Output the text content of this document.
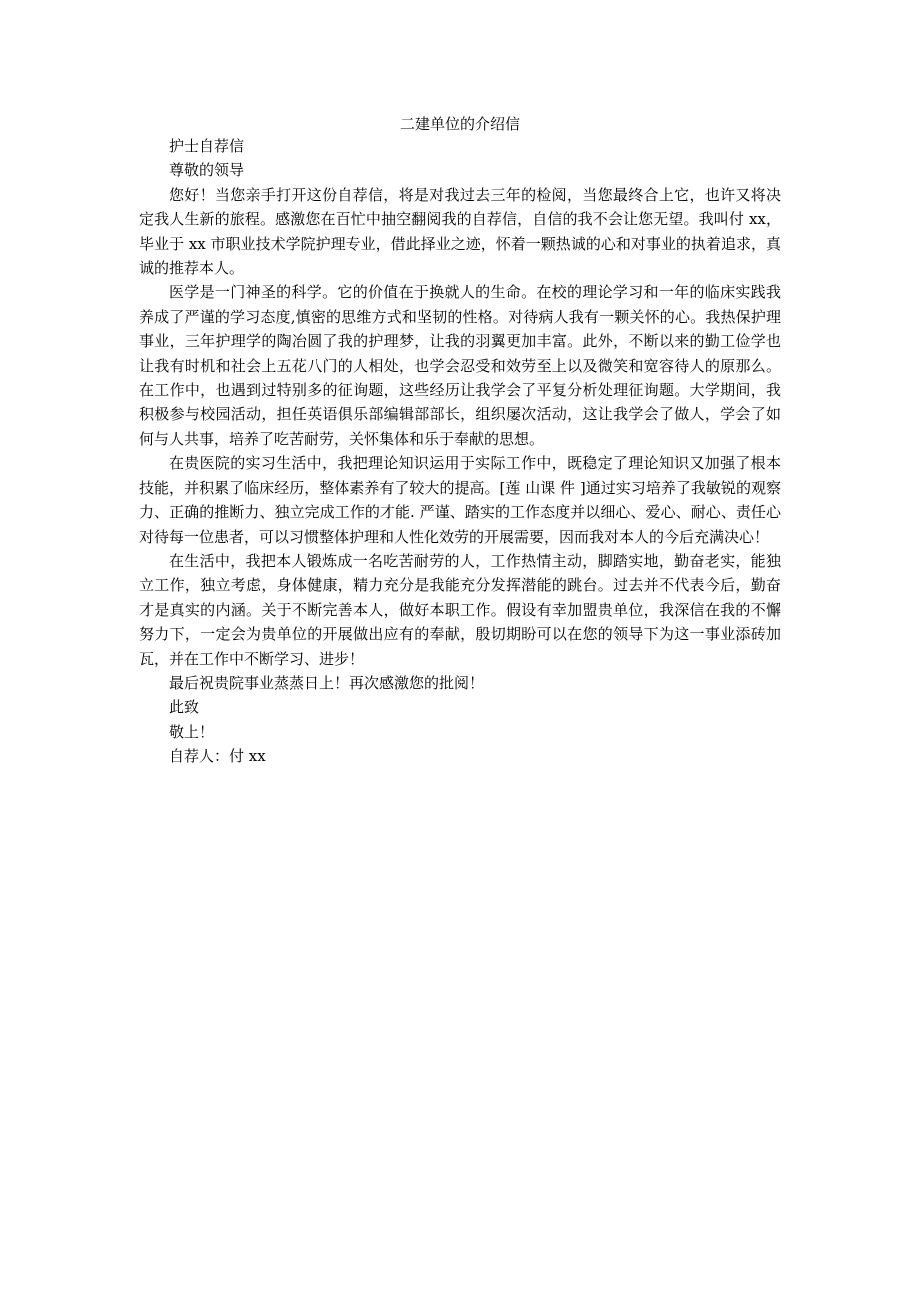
二建单位的介绍信

护士自荐信

尊敬的领导

您好！当您亲手打开这份自荐信，将是对我过去三年的检阅，当您最终合上它，也许又将决定我人生新的旅程。感激您在百忙中抽空翻阅我的自荐信，自信的我不会让您无望。我叫付 xx，毕业于 xx 市职业技术学院护理专业，借此择业之迹，怀着一颗热诚的心和对事业的执着追求，真诚的推荐本人。

医学是一门神圣的科学。它的价值在于换就人的生命。在校的理论学习和一年的临床实践我养成了严谨的学习态度,慎密的思维方式和坚韧的性格。对待病人我有一颗关怀的心。我热保护理事业，三年护理学的陶冶圆了我的护理梦，让我的羽翼更加丰富。此外，不断以来的勤工俭学也让我有时机和社会上五花八门的人相处，也学会忍受和效劳至上以及微笑和宽容待人的原那么。在工作中，也遇到过特别多的征询题，这些经历让我学会了平复分析处理征询题。大学期间，我积极参与校园活动，担任英语俱乐部编辑部部长，组织屡次活动，这让我学会了做人，学会了如何与人共事，培养了吃苦耐劳，关怀集体和乐于奉献的思想。

在贵医院的实习生活中，我把理论知识运用于实际工作中，既稳定了理论知识又加强了根本技能，并积累了临床经历，整体素养有了较大的提高。[莲 山课 件 ]通过实习培养了我敏锐的观察力、正确的推断力、独立完成工作的才能. 严谨、踏实的工作态度并以细心、爱心、耐心、责任心对待每一位患者，可以习惯整体护理和人性化效劳的开展需要，因而我对本人的今后充满决心！

在生活中，我把本人锻炼成一名吃苦耐劳的人，工作热情主动，脚踏实地，勤奋老实，能独立工作，独立考虑，身体健康，精力充分是我能充分发挥潜能的跳台。过去并不代表今后，勤奋才是真实的内涵。关于不断完善本人，做好本职工作。假设有幸加盟贵单位，我深信在我的不懈努力下，一定会为贵单位的开展做出应有的奉献，殷切期盼可以在您的领导下为这一事业添砖加瓦，并在工作中不断学习、进步！

最后祝贵院事业蒸蒸日上！再次感激您的批阅！

此致

敬上！

自荐人：付 xx
